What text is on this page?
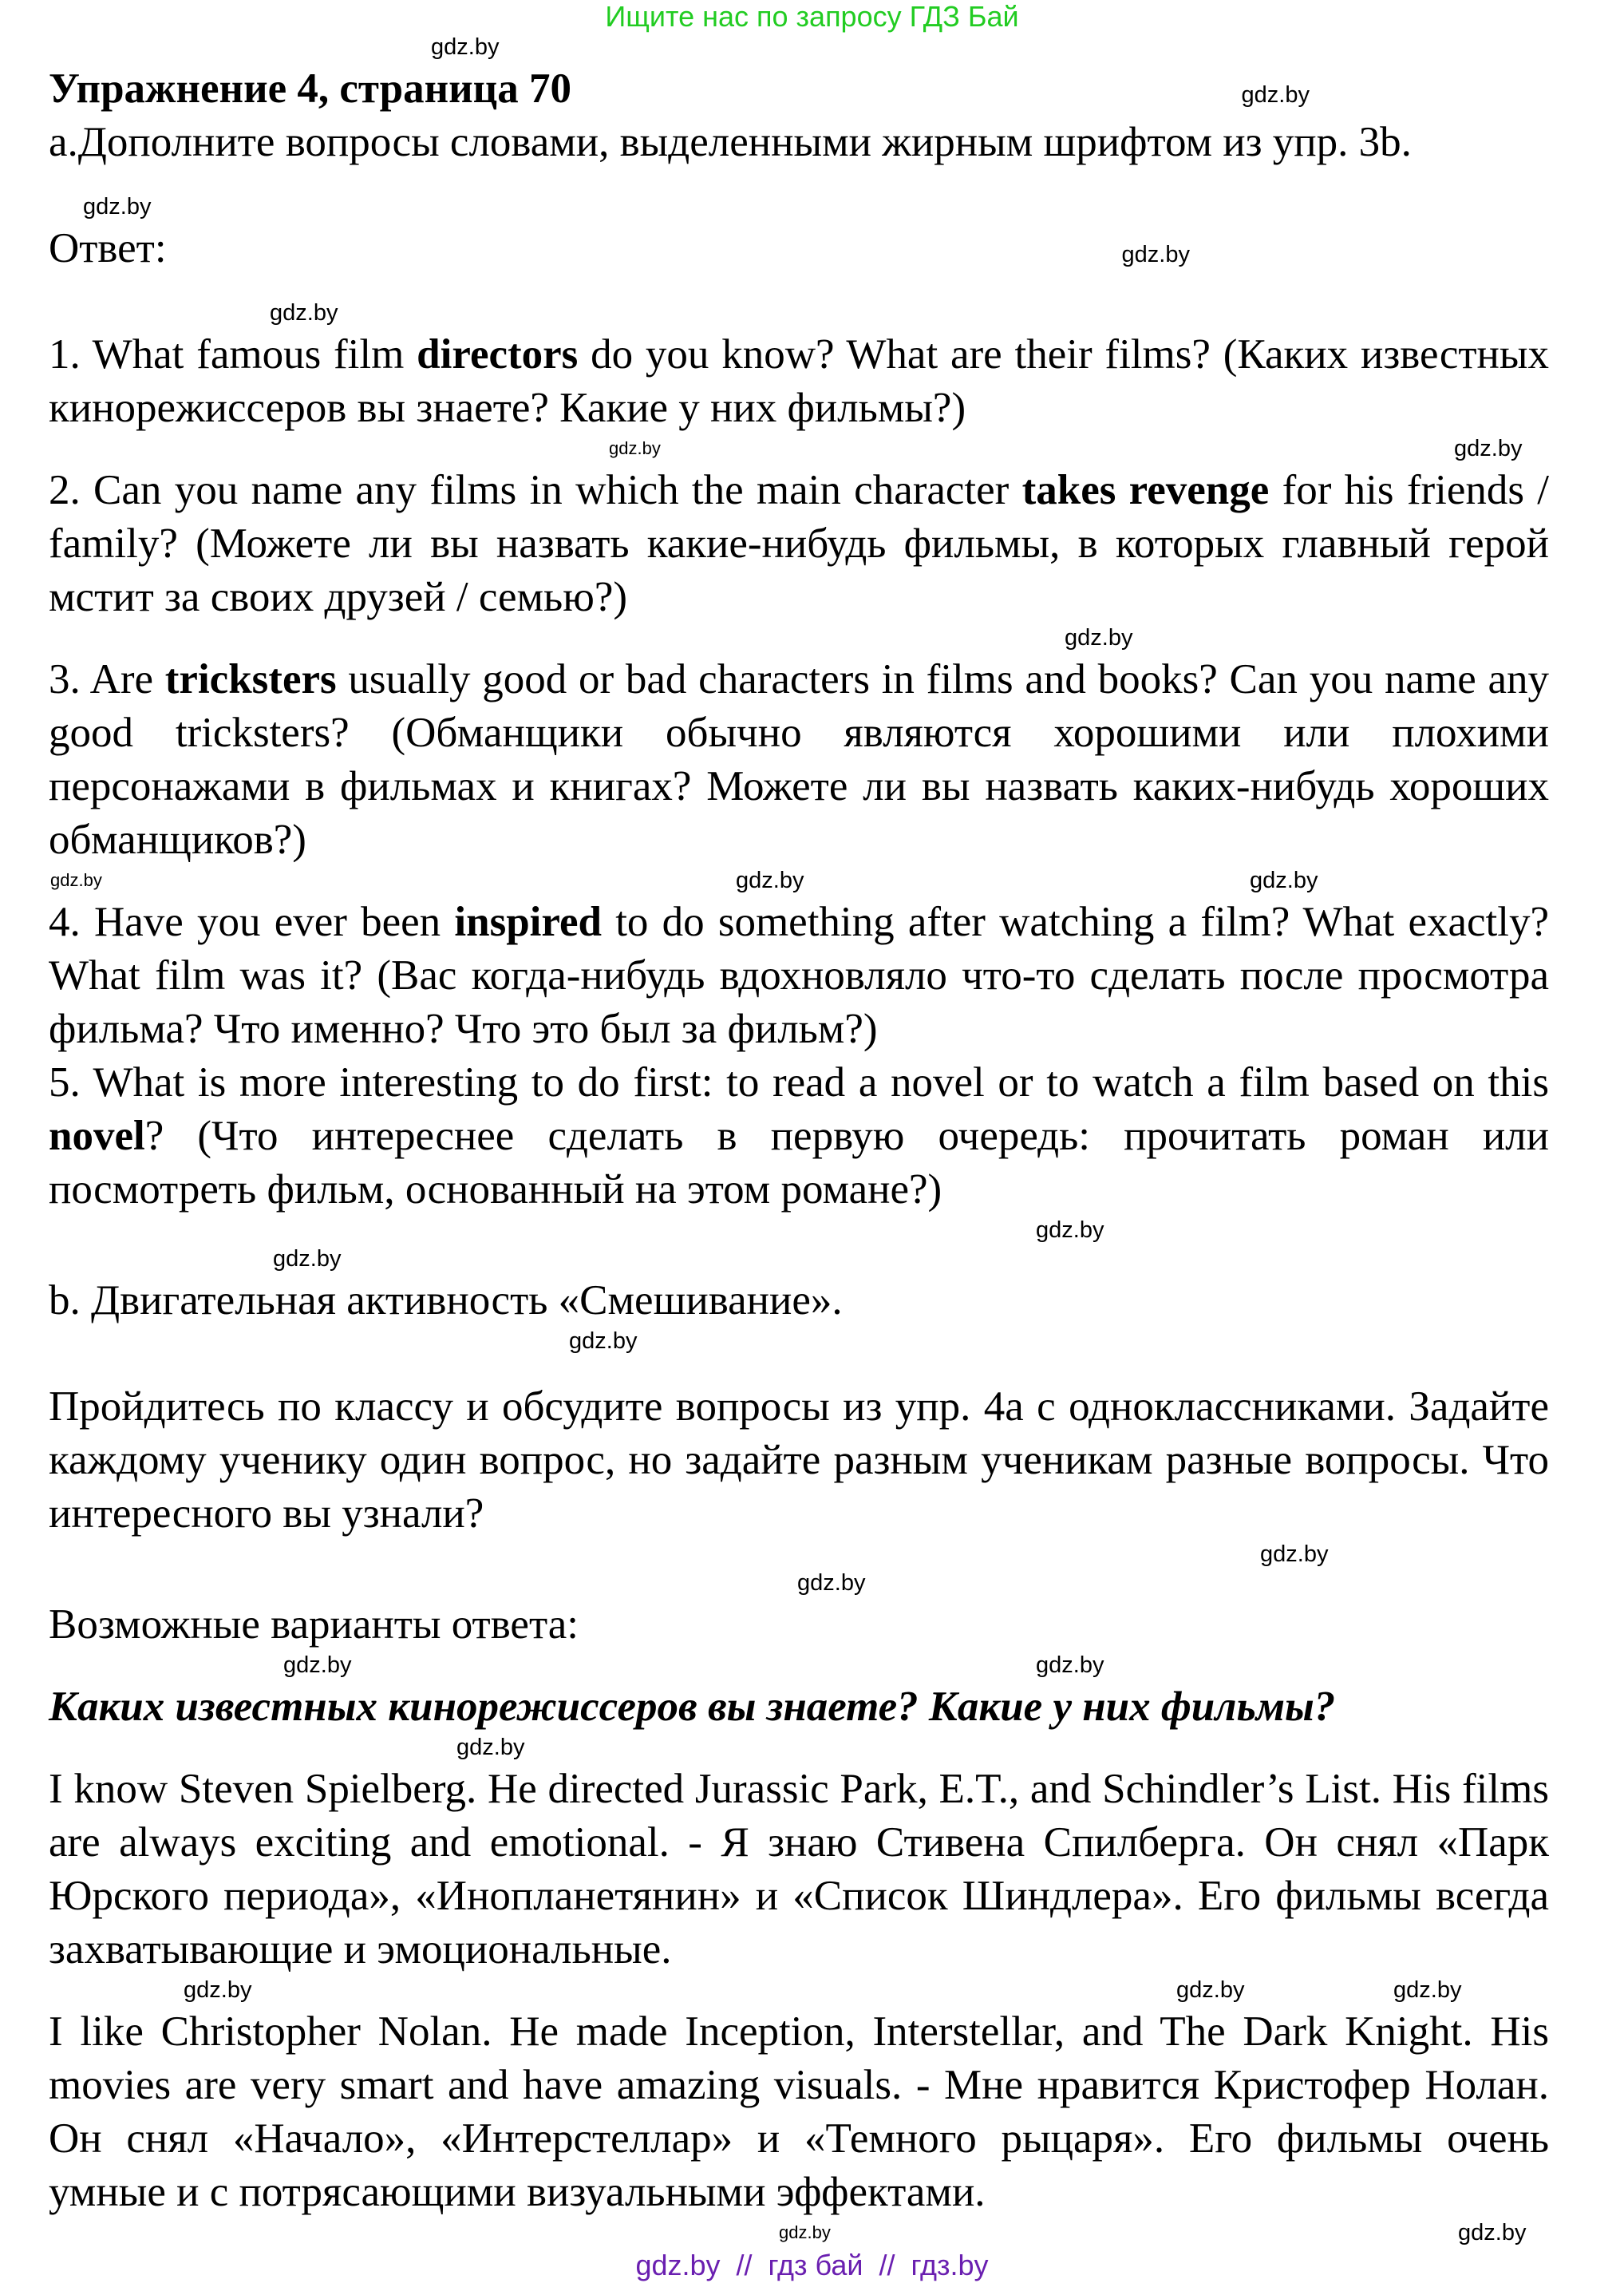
Ищите нас по запросу ГДЗ Бай
gdz.by
Упражнение 4, страница 70	gdz.by
a.Дополните вопросы словами, выделенными жирным шрифтом из упр. 3b.
gdz.by
Ответ:	gdz.by
gdz.by
1. What famous film directors do you know? What are their films? (Каких известных кинорежиссеров вы знаете? Какие у них фильмы?)
gdz.by	gdz.by
2. Can you name any films in which the main character takes revenge for his friends / family? (Можете ли вы назвать какие-нибудь фильмы, в которых главный герой мстит за своих друзей / семью?)
gdz.by
3. Are tricksters usually good or bad characters in films and books? Can you name any good tricksters? (Обманщики обычно являются хорошими или плохими персонажами в фильмах и книгах? Можете ли вы назвать каких-нибудь хороших обманщиков?)
gdz.by	gdz.by	gdz.by
4. Have you ever been inspired to do something after watching a film? What exactly? What film was it? (Вас когда-нибудь вдохновляло что-то сделать после просмотра фильма? Что именно? Что это был за фильм?)
5. What is more interesting to do first: to read a novel or to watch a film based on this novel? (Что интереснее сделать в первую очередь: прочитать роман или посмотреть фильм, основанный на этом романе?)
gdz.by
gdz.by
b. Двигательная активность «Смешивание».
gdz.by
Пройдитесь по классу и обсудите вопросы из упр. 4a с одноклассниками. Задайте каждому ученику один вопрос, но задайте разным ученикам разные вопросы. Что интересного вы узнали?
gdz.by
gdz.by
Возможные варианты ответа:
gdz.by	gdz.by
Каких известных кинорежиссеров вы знаете? Какие у них фильмы?
gdz.by
I know Steven Spielberg. He directed Jurassic Park, E.T., and Schindler’s List. His films are always exciting and emotional. - Я знаю Стивена Спилберга. Он снял «Парк Юрского периода», «Инопланетянин» и «Список Шиндлера». Его фильмы всегда захватывающие и эмоциональные.
gdz.by	gdz.by	gdz.by
I like Christopher Nolan. He made Inception, Interstellar, and The Dark Knight. His movies are very smart and have amazing visuals. - Мне нравится Кристофер Нолан. Он снял «Начало», «Интерстеллар» и «Темного рыцаря». Его фильмы очень умные и с потрясающими визуальными эффектами.
gdz.by	gdz.by
gdz.by  //  гдз бай  //  гдз.by
